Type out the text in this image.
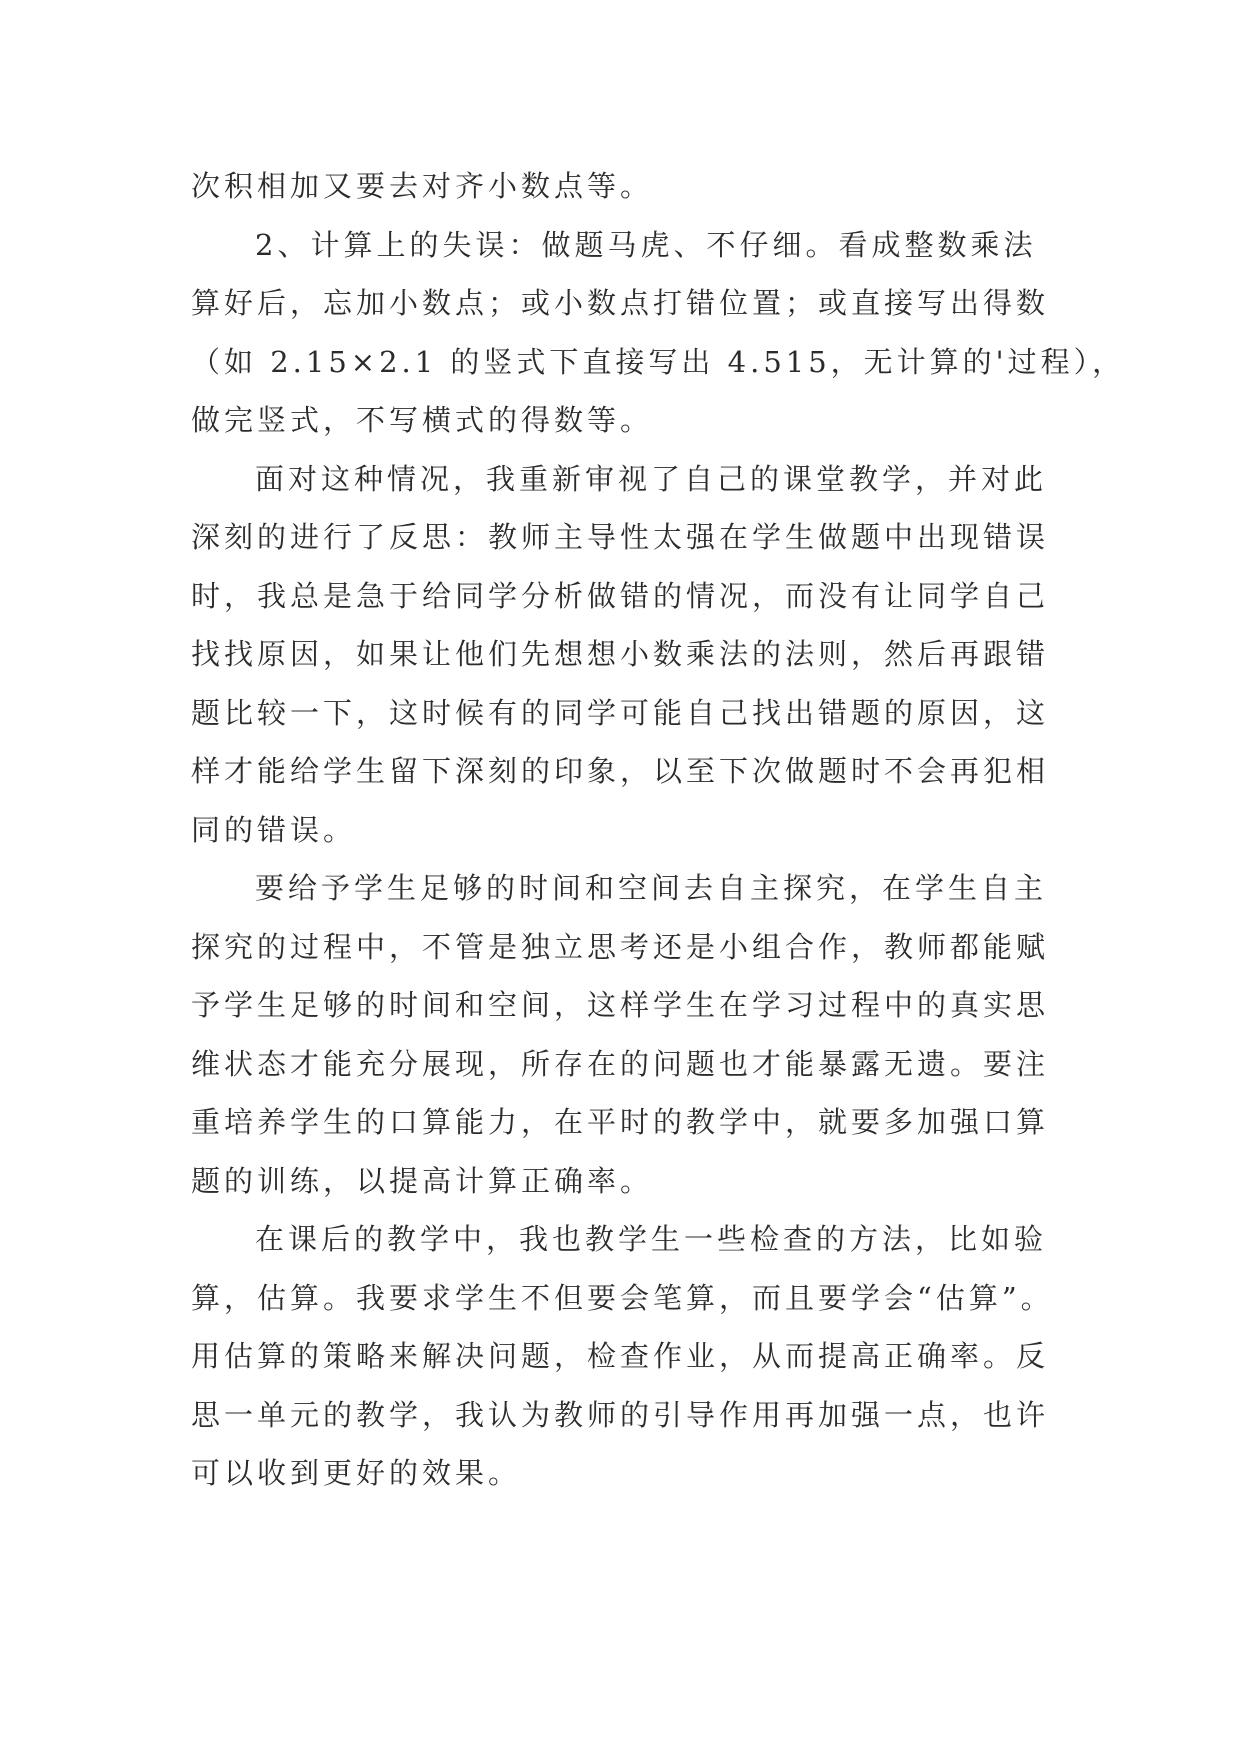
次积相加又要去对齐小数点等。
2、计算上的失误：做题马虎、不仔细。看成整数乘法
算好后，忘加小数点；或小数点打错位置；或直接写出得数
（如 2.15×2.1 的竖式下直接写出 4.515，无计算的'过程），
做完竖式，不写横式的得数等。
面对这种情况，我重新审视了自己的课堂教学，并对此
深刻的进行了反思：教师主导性太强在学生做题中出现错误
时，我总是急于给同学分析做错的情况，而没有让同学自己
找找原因，如果让他们先想想小数乘法的法则，然后再跟错
题比较一下，这时候有的同学可能自己找出错题的原因，这
样才能给学生留下深刻的印象，以至下次做题时不会再犯相
同的错误。
要给予学生足够的时间和空间去自主探究，在学生自主
探究的过程中，不管是独立思考还是小组合作，教师都能赋
予学生足够的时间和空间，这样学生在学习过程中的真实思
维状态才能充分展现，所存在的问题也才能暴露无遗。要注
重培养学生的口算能力，在平时的教学中，就要多加强口算
题的训练，以提高计算正确率。
在课后的教学中，我也教学生一些检查的方法，比如验
算，估算。我要求学生不但要会笔算，而且要学会“估算”。
用估算的策略来解决问题，检查作业，从而提高正确率。反
思一单元的教学，我认为教师的引导作用再加强一点，也许
可以收到更好的效果。
